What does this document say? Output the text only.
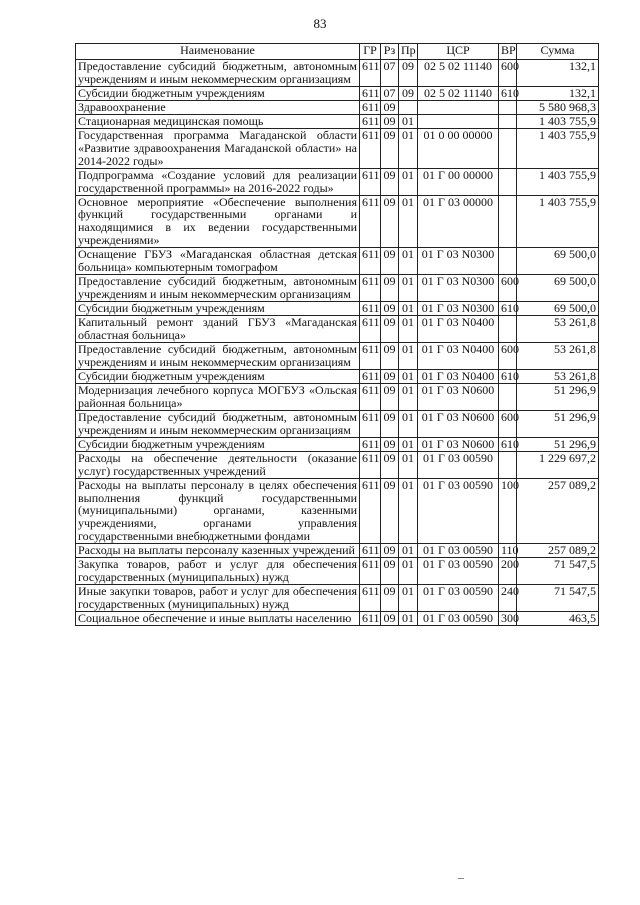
83
Наименование	ГР	Рз	Пр	ЦСР	ВР	Сумма
Предоставление субсидий бюджетным, автономным учреждениям и иным некоммерческим организациям	611	07	09	02 5 02 11140	600	132,1
Субсидии бюджетным учреждениям	611	07	09	02 5 02 11140	610	132,1
Здравоохранение	611	09				5 580 968,3
Стационарная медицинская помощь	611	09	01			1 403 755,9
Государственная программа Магаданской области «Развитие здравоохранения Магаданской области» на 2014-2022 годы»	611	09	01	01 0 00 00000		1 403 755,9
Подпрограмма «Создание условий для реализации государственной программы» на 2016-2022 годы»	611	09	01	01 Г 00 00000		1 403 755,9
Основное мероприятие «Обеспечение выполнения функций государственными органами и находящимися в их ведении государственными учреждениями»	611	09	01	01 Г 03 00000		1 403 755,9
Оснащение ГБУЗ «Магаданская областная детская больница» компьютерным томографом	611	09	01	01 Г 03 N0300		69 500,0
Предоставление субсидий бюджетным, автономным учреждениям и иным некоммерческим организациям	611	09	01	01 Г 03 N0300	600	69 500,0
Субсидии бюджетным учреждениям	611	09	01	01 Г 03 N0300	610	69 500,0
Капитальный ремонт зданий ГБУЗ «Магаданская областная больница»	611	09	01	01 Г 03 N0400		53 261,8
Предоставление субсидий бюджетным, автономным учреждениям и иным некоммерческим организациям	611	09	01	01 Г 03 N0400	600	53 261,8
Субсидии бюджетным учреждениям	611	09	01	01 Г 03 N0400	610	53 261,8
Модернизация лечебного корпуса МОГБУЗ «Ольская районная больница»	611	09	01	01 Г 03 N0600		51 296,9
Предоставление субсидий бюджетным, автономным учреждениям и иным некоммерческим организациям	611	09	01	01 Г 03 N0600	600	51 296,9
Субсидии бюджетным учреждениям	611	09	01	01 Г 03 N0600	610	51 296,9
Расходы на обеспечение деятельности (оказание услуг) государственных учреждений	611	09	01	01 Г 03 00590		1 229 697,2
Расходы на выплаты персоналу в целях обеспечения выполнения функций государственными (муниципальными) органами, казенными учреждениями, органами управления государственными внебюджетными фондами	611	09	01	01 Г 03 00590	100	257 089,2
Расходы на выплаты персоналу казенных учреждений	611	09	01	01 Г 03 00590	110	257 089,2
Закупка товаров, работ и услуг для обеспечения государственных (муниципальных) нужд	611	09	01	01 Г 03 00590	200	71 547,5
Иные закупки товаров, работ и услуг для обеспечения государственных (муниципальных) нужд	611	09	01	01 Г 03 00590	240	71 547,5
Социальное обеспечение и иные выплаты населению	611	09	01	01 Г 03 00590	300	463,5
